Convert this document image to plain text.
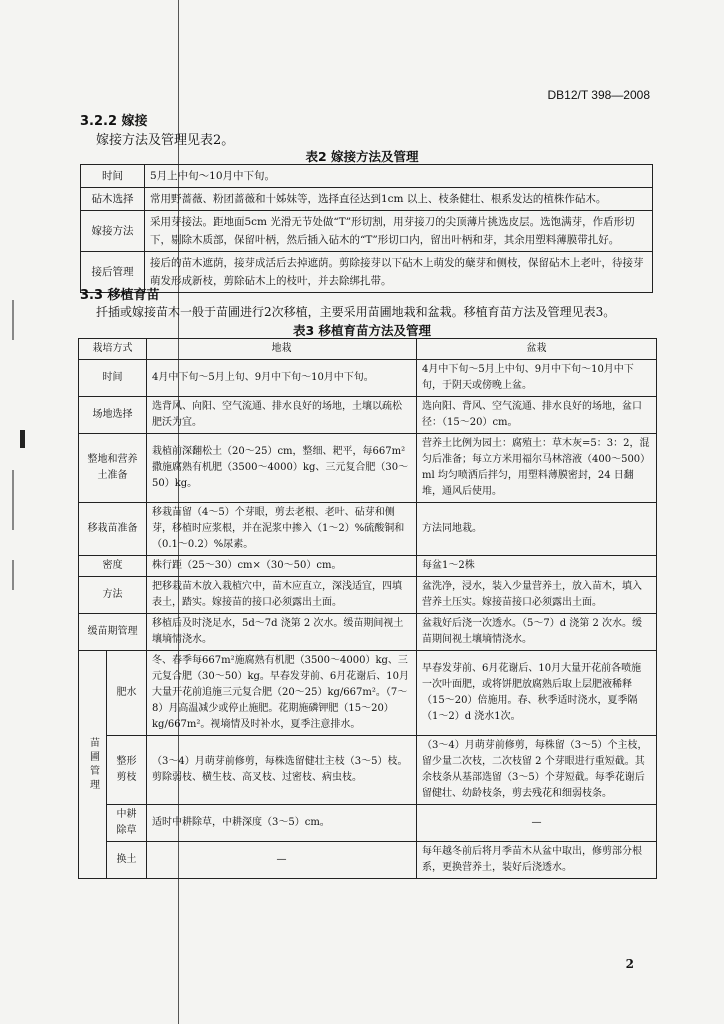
DB12/T 398—2008
3.2.2 嫁接
嫁接方法及管理见表2。
表2 嫁接方法及管理
时间	5月上中旬～10月中下旬。
砧木选择	常用野蔷薇、粉团蔷薇和十姊妹等，选择直径达到1cm 以上、枝条健壮、根系发达的植株作砧木。
嫁接方法	采用芽接法。距地面5cm 光滑无节处做“T”形切割，用芽接刀的尖顶薄片挑选皮层。选饱满芽，作盾形切下，剔除木质部，保留叶柄，然后插入砧木的“T”形切口内，留出叶柄和芽，其余用塑料薄膜带扎好。
接后管理	接后的苗木遮荫，接芽成活后去掉遮荫。剪除接芽以下砧木上萌发的蘖芽和侧枝，保留砧木上老叶，待接芽萌发形成新枝，剪除砧木上的枝叶，并去除绑扎带。
3.3 移植育苗
扦插或嫁接苗木一般于苗圃进行2次移植，主要采用苗圃地栽和盆栽。移植育苗方法及管理见表3。
表3 移植育苗方法及管理
栽培方式		地栽	盆栽
时间		4月中下旬～5月上旬、9月中下旬～10月中下旬。	4月中下旬～5月上中旬、9月中下旬～10月中下旬，于阴天或傍晚上盆。
场地选择		选背风、向阳、空气流通、排水良好的场地，土壤以疏松肥沃为宜。	选向阳、背风、空气流通、排水良好的场地，盆口径：（15～20）cm。
整地和营养土准备		栽植前深翻松土（20～25）cm，整细、耙平，每667m²撒施腐熟有机肥（3500～4000）kg、三元复合肥（30～50）kg。	营养土比例为园土：腐殖土：草木灰=5：3：2，混匀后准备；每立方米用福尔马林溶液（400～500）ml 均匀喷洒后拌匀，用塑料薄膜密封，24 日翻堆，通风后使用。
移栽苗准备		移栽苗留（4～5）个芽眼，剪去老根、老叶、砧芽和侧芽，移植时应浆根，并在泥浆中掺入（1～2）%硫酸铜和（0.1～0.2）%尿素。	方法同地栽。
密度		株行距（25～30）cm×（30～50）cm。	每盆1～2株
方法		把移栽苗木放入栽植穴中，苗木应直立，深浅适宜，四填表土，踏实。嫁接苗的接口必须露出土面。	盆洗净，浸水，装入少量营养土，放入苗木，填入营养土压实。嫁接苗接口必须露出土面。
缓苗期管理		移植后及时浇足水，5d～7d 浇第 2 次水。缓苗期间视土壤墒情浇水。	盆栽好后浇一次透水。（5～7）d 浇第 2 次水。缓苗期间视土壤墒情浇水。

苗圃管理	肥水	冬、春季每667m²施腐熟有机肥（3500～4000）kg、三元复合肥（30～50）kg。早春发芽前、6月花谢后、10月大量开花前追施三元复合肥（20～25）kg/667m²。（7～8）月高温减少或停止施肥。花期施磷钾肥（15～20）kg/667m²。视墒情及时补水，夏季注意排水。	早春发芽前、6月花谢后、10月大量开花前各喷施一次叶面肥，或将饼肥放腐熟后取上层肥液稀释（15～20）倍施用。春、秋季适时浇水，夏季隔（1～2）d 浇水1次。
	整形剪枝	（3～4）月萌芽前修剪，每株选留健壮主枝（3～5）枝。剪除弱枝、横生枝、高叉枝、过密枝、病虫枝。	（3～4）月萌芽前修剪，每株留（3～5）个主枝，留少量二次枝，二次枝留 2 个芽眼进行重短截。其余枝条从基部选留（3～5）个芽短截。每季花谢后留健壮、幼龄枝条，剪去残花和细弱枝条。
	中耕除草	适时中耕除草，中耕深度（3～5）cm。	—
	换土	—	每年越冬前后将月季苗木从盆中取出，修剪部分根系，更换营养土，装好后浇透水。
2
